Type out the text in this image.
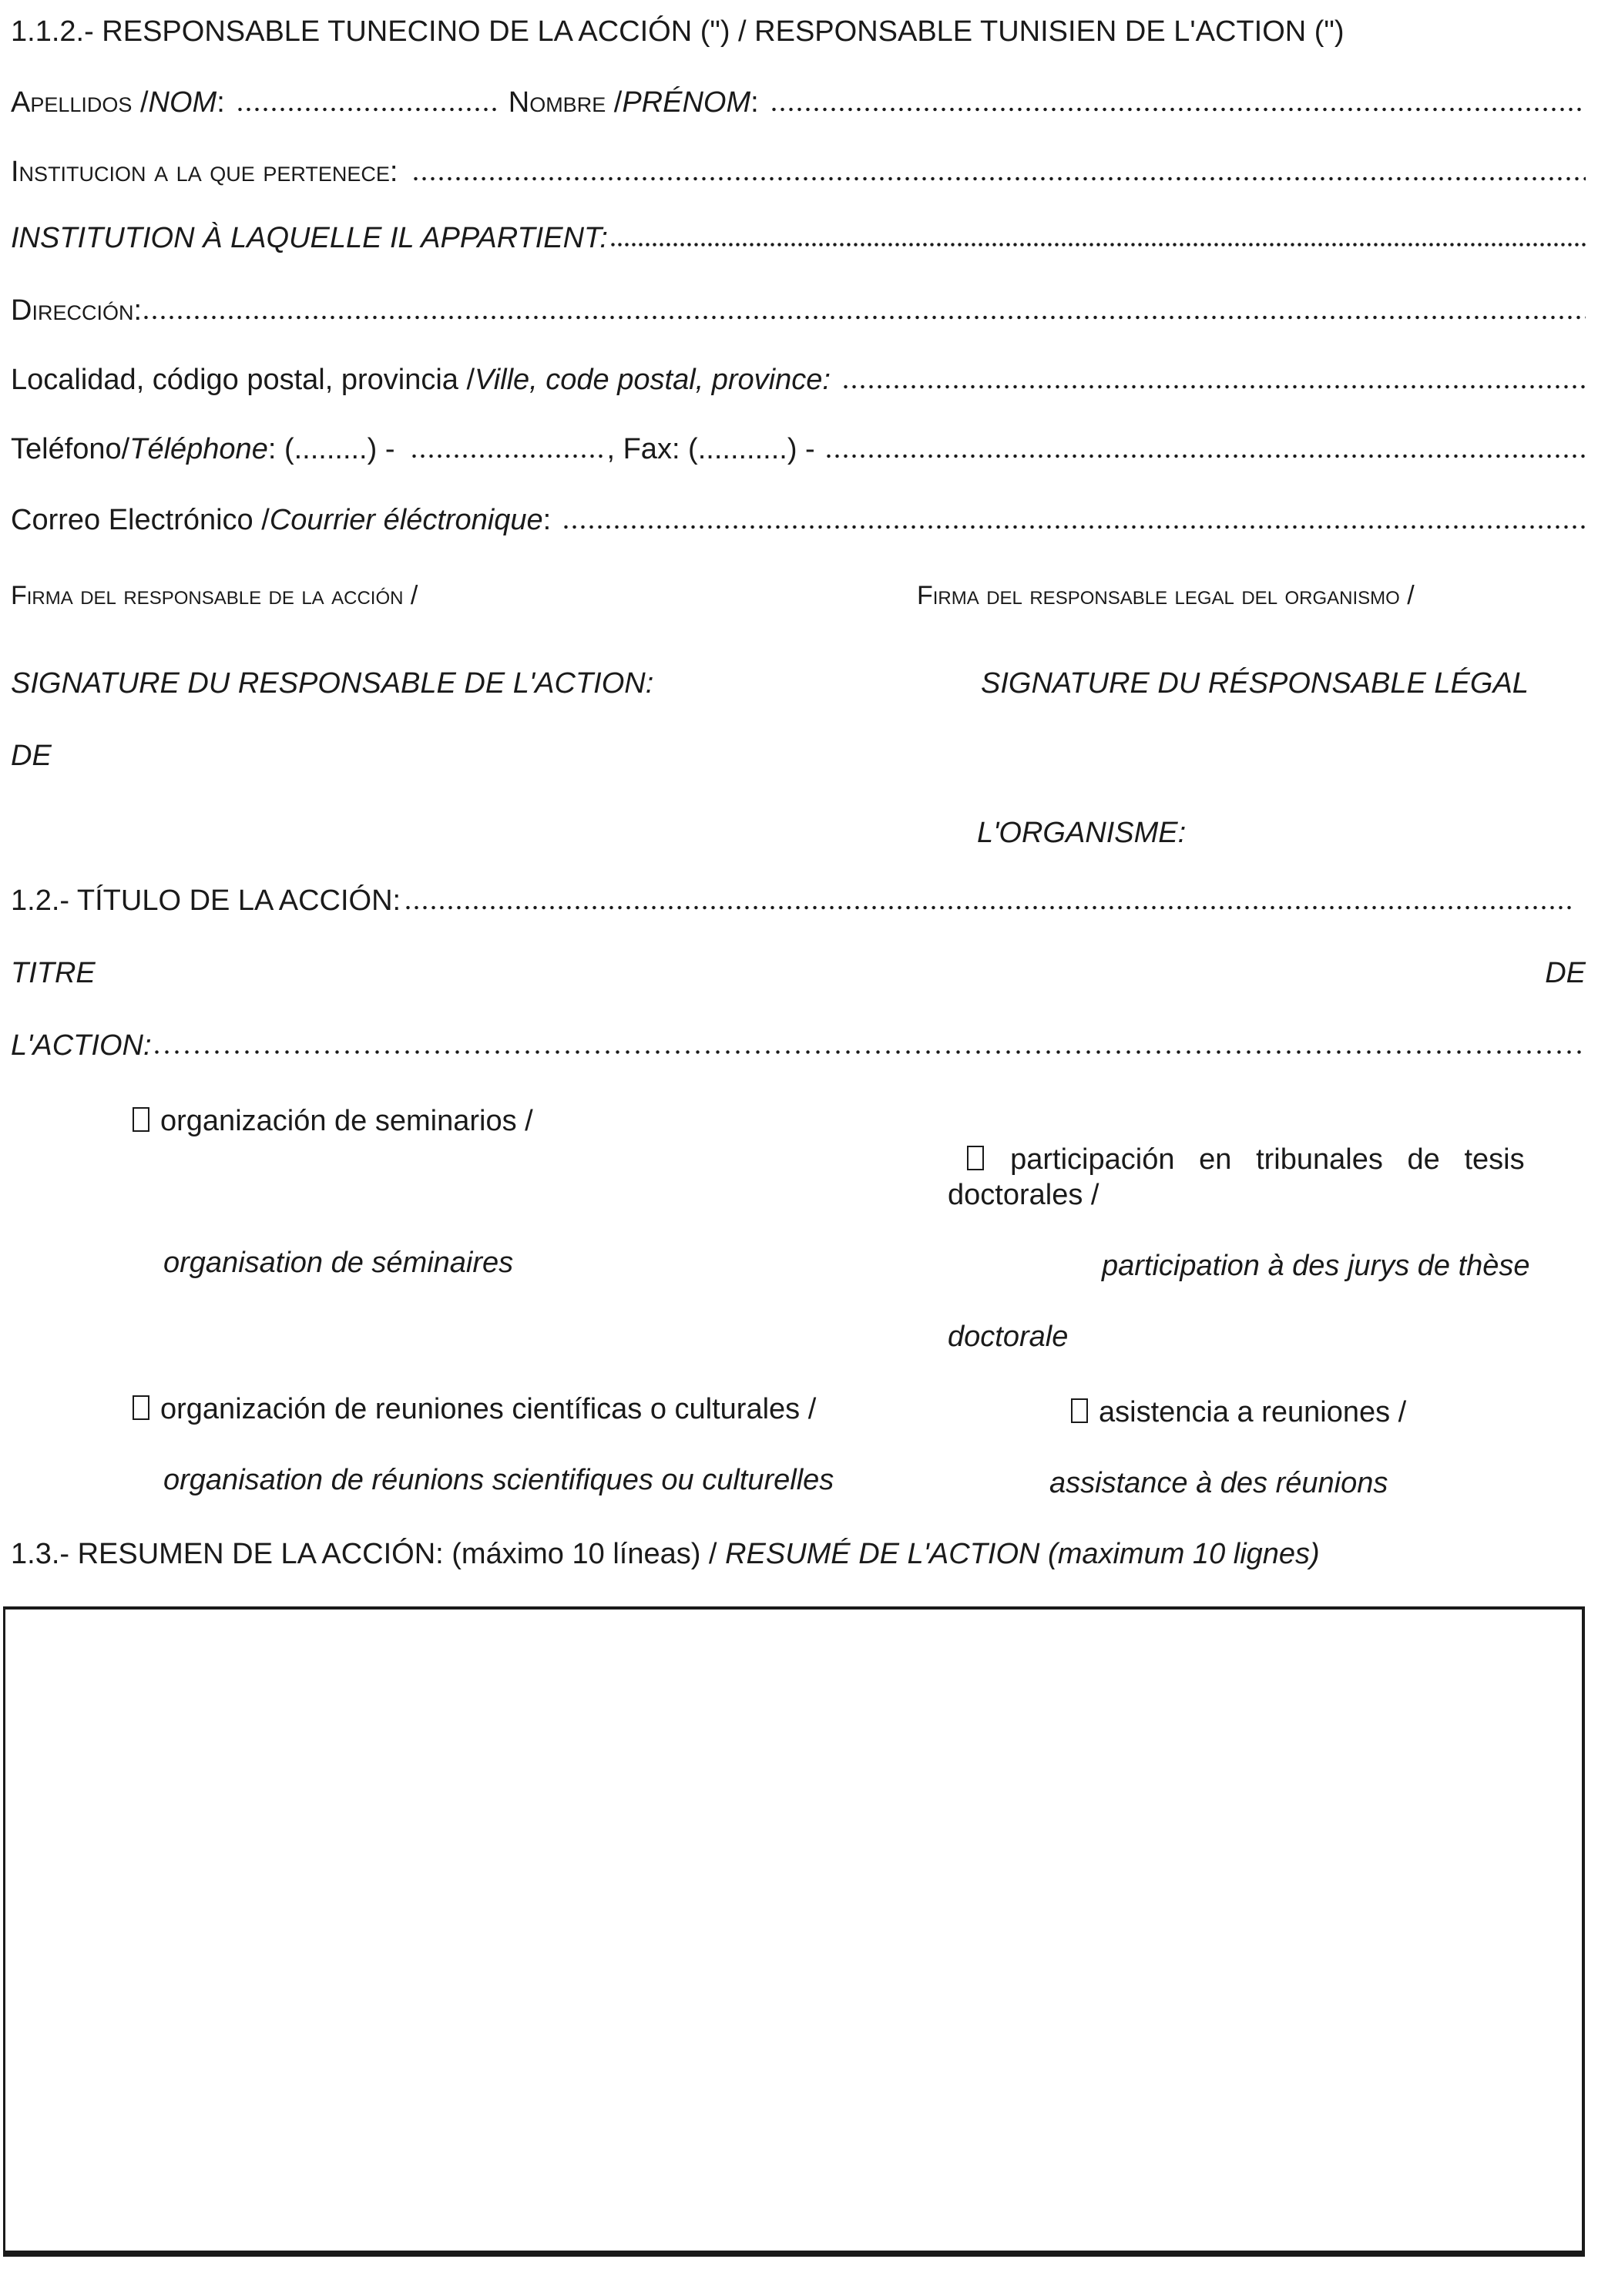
1.1.2.- RESPONSABLE TUNECINO DE LA ACCIÓN (") / RESPONSABLE TUNISIEN DE L'ACTION (")
Apellidos / NOM :	Nombre / PRÉNOM :
Institucion a la que pertenece:
INSTITUTION À LAQUELLE IL APPARTIENT:
Dirección:
Localidad, código postal, provincia / Ville, code postal, province:
Teléfono/ Téléphone : (.........) -	, Fax: (...........) -
Correo Electrónico / Courrier éléctronique :
Firma del responsable de la acción /	Firma del responsable legal del organismo /
SIGNATURE DU RESPONSABLE DE L'ACTION:	SIGNATURE DU RÉSPONSABLE LÉGAL
DE
L'ORGANISME:
1.2.- TÍTULO DE LA ACCIÓN:
TITRE	DE
L'ACTION:
organización de seminarios /
organisation de séminaires

participación   en   tribunales   de   tesis

doctorales /
participation à des jurys de thèse
doctorale
organización de reuniones científicas o culturales /
organisation de réunions scientifiques ou culturelles
asistencia a reuniones /
assistance à des réunions
1.3.- RESUMEN DE LA ACCIÓN: (máximo 10 líneas) / RESUMÉ DE L'ACTION (maximum 10 lignes)
